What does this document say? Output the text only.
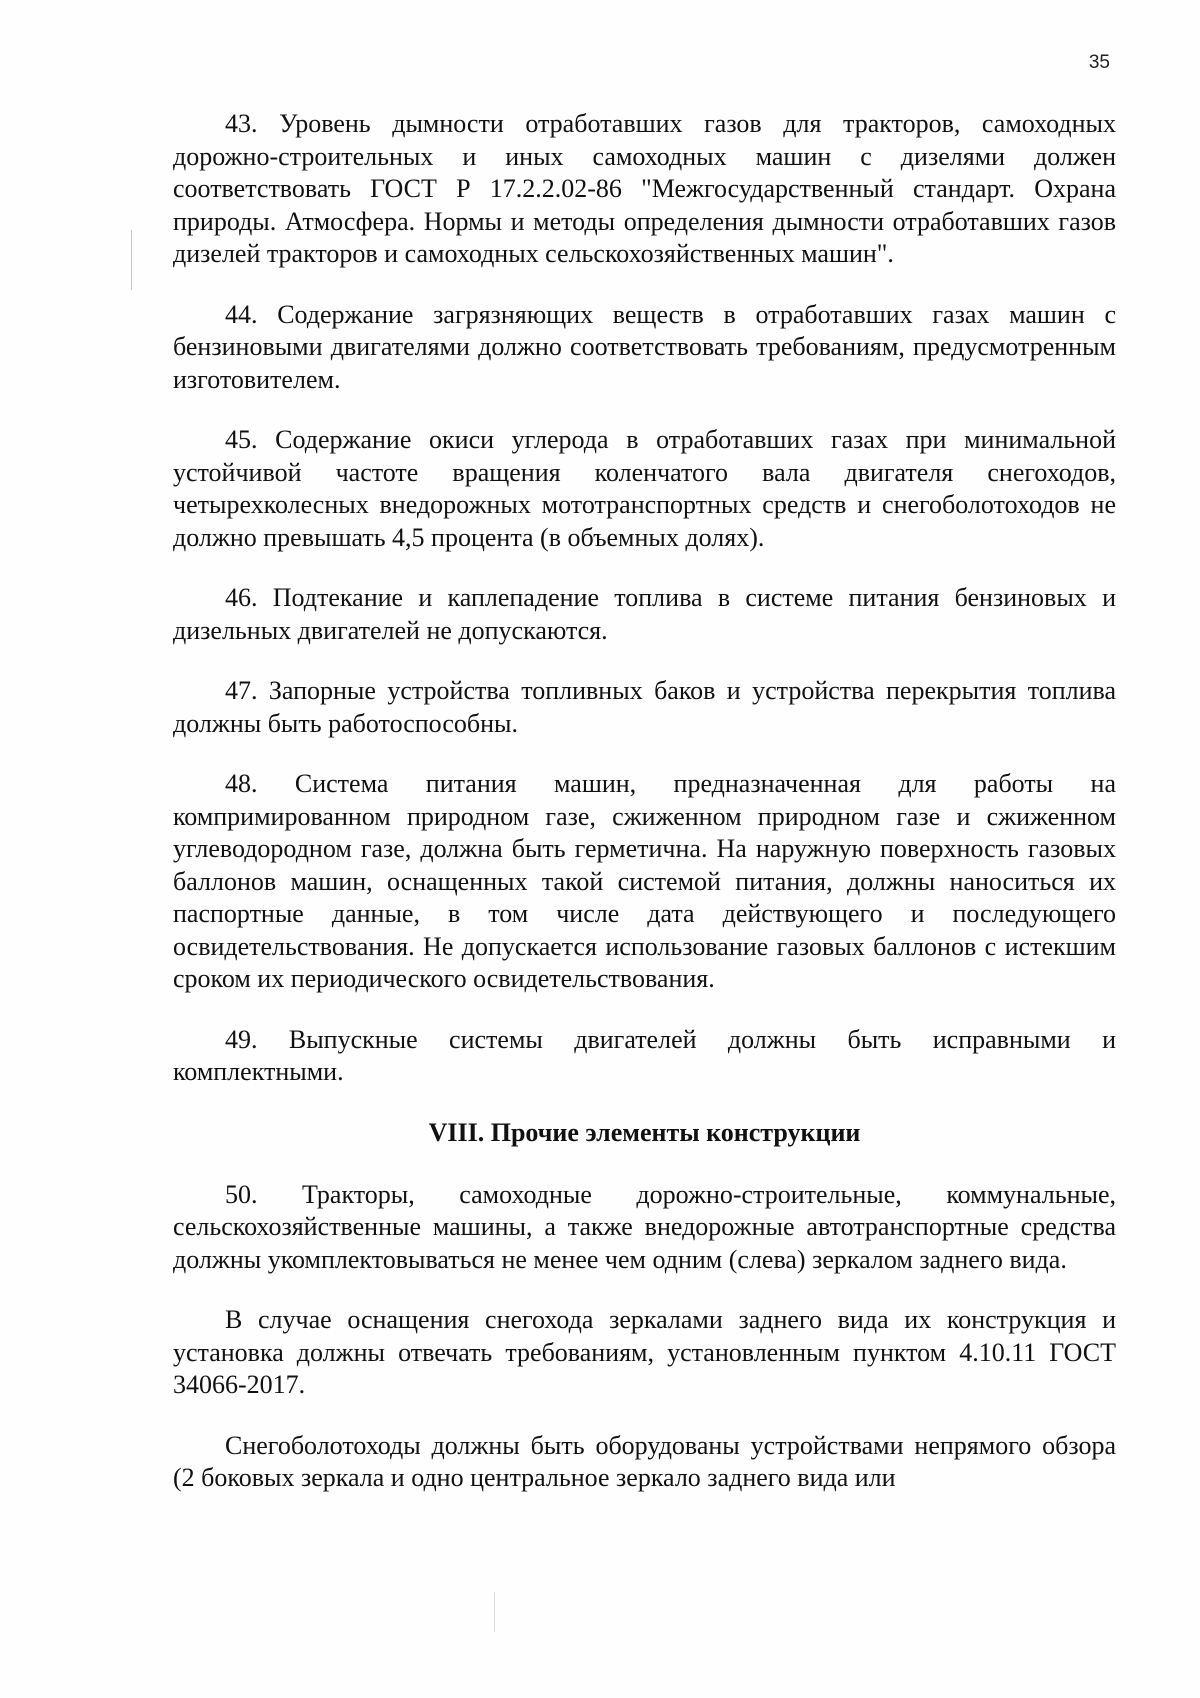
35

43. Уровень дымности отработавших газов для тракторов, самоходных дорожно-строительных и иных самоходных машин с дизелями должен соответствовать ГОСТ Р 17.2.2.02-86 "Межгосударственный стандарт. Охрана природы. Атмосфера. Нормы и методы определения дымности отработавших газов дизелей тракторов и самоходных сельскохозяйственных машин".

44. Содержание загрязняющих веществ в отработавших газах машин с бензиновыми двигателями должно соответствовать требованиям, предусмотренным изготовителем.

45. Содержание окиси углерода в отработавших газах при минимальной устойчивой частоте вращения коленчатого вала двигателя снегоходов, четырехколесных внедорожных мототранспортных средств и снегоболотоходов не должно превышать 4,5 процента (в объемных долях).

46. Подтекание и каплепадение топлива в системе питания бензиновых и дизельных двигателей не допускаются.

47. Запорные устройства топливных баков и устройства перекрытия топлива должны быть работоспособны.

48. Система питания машин, предназначенная для работы на компримированном природном газе, сжиженном природном газе и сжиженном углеводородном газе, должна быть герметична. На наружную поверхность газовых баллонов машин, оснащенных такой системой питания, должны наноситься их паспортные данные, в том числе дата действующего и последующего освидетельствования. Не допускается использование газовых баллонов с истекшим сроком их периодического освидетельствования.

49. Выпускные системы двигателей должны быть исправными и комплектными.

VIII. Прочие элементы конструкции

50. Тракторы, самоходные дорожно-строительные, коммунальные, сельскохозяйственные машины, а также внедорожные автотранспортные средства должны укомплектовываться не менее чем одним (слева) зеркалом заднего вида.

В случае оснащения снегохода зеркалами заднего вида их конструкция и установка должны отвечать требованиям, установленным пунктом 4.10.11 ГОСТ 34066-2017.

Снегоболотоходы должны быть оборудованы устройствами непрямого обзора (2 боковых зеркала и одно центральное зеркало заднего вида или
